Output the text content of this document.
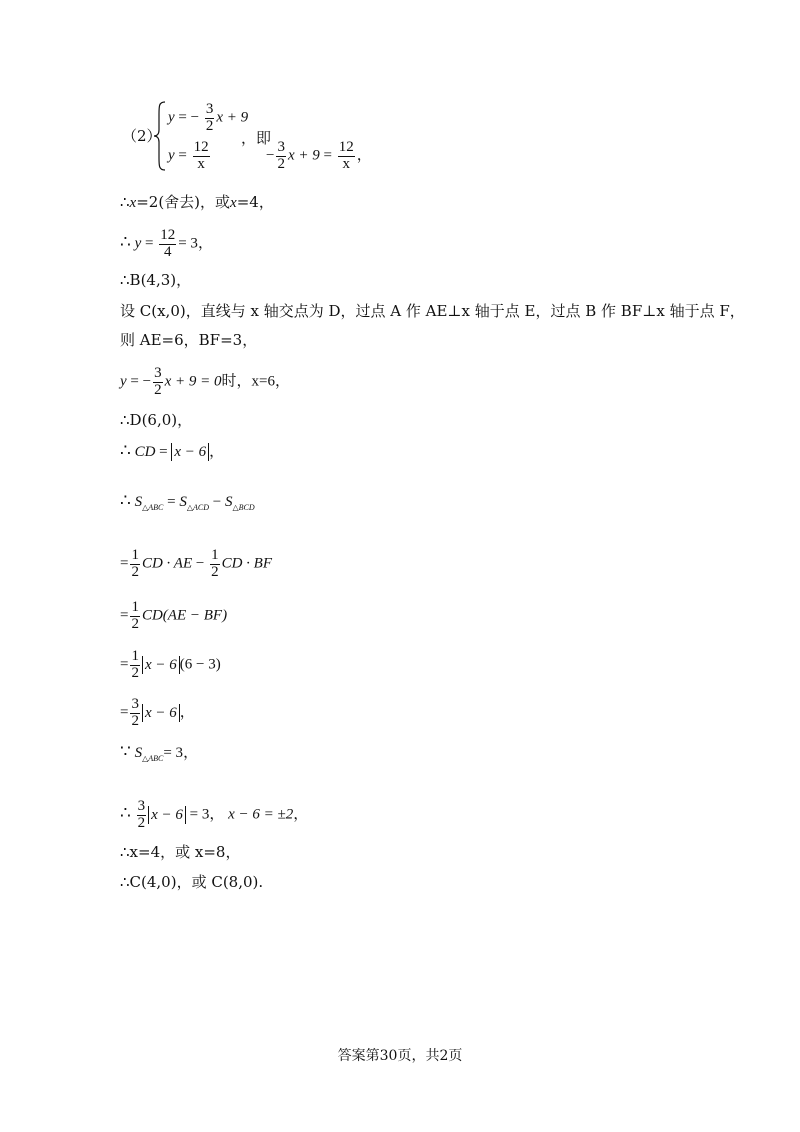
（2）
y = − $\frac{3}{2}$ x + 9
$y = \frac{12}{x}$
，即
− $\frac{3}{2}$ $x + 9 = \frac{12}{x}$ ，
∴x=2(舍去)，或x=4，
∴ $y = \frac{12}{4} = 3$，
∴B(4,3)，
设 C(x,0)，直线与 x 轴交点为 D，过点 A 作 AE⊥x 轴于点 E，过点 B 作 BF⊥x 轴于点 F，
则 AE=6，BF=3，
y = − $\frac{3}{2}$ x + 9 = 0时，x=6，
∴D(6,0)，
∴ CD = x − 6 ，
∴ $S_{\triangle ABC} = S_{\triangle ACD} - S_{\triangle BCD}$
= $\frac{1}{2}$ CD · AE − $\frac{1}{2}$ CD · BF
= $\frac{1}{2} CD(AE - BF)$
= $\frac{1}{2}$ x − 6 (6 − 3)
= $\frac{3}{2}$ x − 6 ，
∵ $S_{\triangle ABC}= 3$，
∴ $\frac{3}{2}$ x − 6 = 3， x − 6 = ±2，
∴x=4，或 x=8，
∴C(4,0)，或 C(8,0).
答案第30页，共2页
